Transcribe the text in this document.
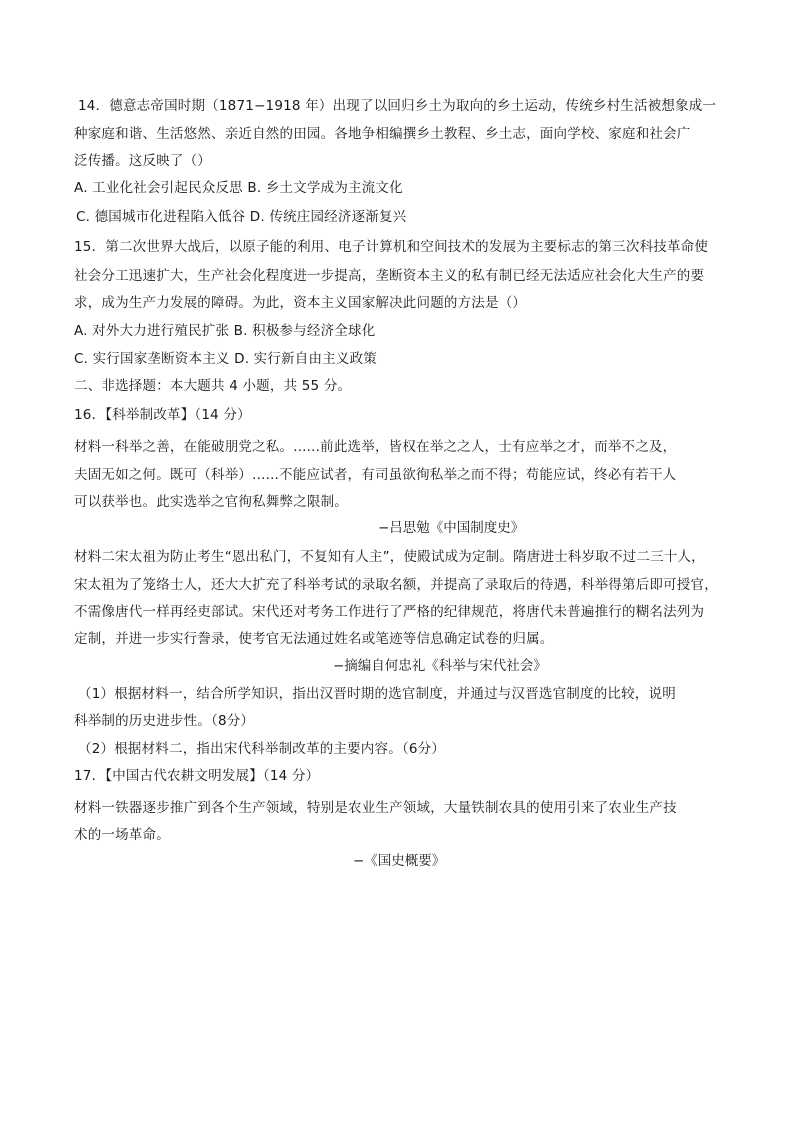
14．德意志帝国时期（1871−1918 年）出现了以回归乡土为取向的乡土运动，传统乡村生活被想象成一
种家庭和谐、生活悠然、亲近自然的田园。各地争相编撰乡土教程、乡土志，面向学校、家庭和社会广
泛传播。这反映了（）
A. 工业化社会引起民众反思 B. 乡土文学成为主流文化
C. 德国城市化进程陷入低谷 D. 传统庄园经济逐渐复兴
15．第二次世界大战后，以原子能的利用、电子计算机和空间技术的发展为主要标志的第三次科技革命使
社会分工迅速扩大，生产社会化程度进一步提高，垄断资本主义的私有制已经无法适应社会化大生产的要
求，成为生产力发展的障碍。为此，资本主义国家解决此问题的方法是（）
A. 对外大力进行殖民扩张 B. 积极参与经济全球化
C. 实行国家垄断资本主义 D. 实行新自由主义政策
二、非选择题：本大题共 4 小题，共 55 分。
16．【科举制改革】（14 分）
材料一科举之善，在能破朋党之私。......前此选举，皆权在举之之人，士有应举之才，而举不之及，
夫固无如之何。既可（科举）......不能应试者，有司虽欲徇私举之而不得；苟能应试，终必有若干人
可以获举也。此实选举之官徇私舞弊之限制。
−吕思勉《中国制度史》
材料二宋太祖为防止考生“恩出私门，不复知有人主”，使殿试成为定制。隋唐进士科岁取不过二三十人，
宋太祖为了笼络士人，还大大扩充了科举考试的录取名额，并提高了录取后的待遇，科举得第后即可授官，
不需像唐代一样再经吏部试。宋代还对考务工作进行了严格的纪律规范，将唐代未普遍推行的糊名法列为
定制，并进一步实行誊录，使考官无法通过姓名或笔迹等信息确定试卷的归属。
−摘编自何忠礼《科举与宋代社会》
（1）根据材料一，结合所学知识，指出汉晋时期的选官制度，并通过与汉晋选官制度的比较，说明
科举制的历史进步性。（8分）
（2）根据材料二，指出宋代科举制改革的主要内容。（6分）
17．【中国古代农耕文明发展】（14 分）
材料一铁器逐步推广到各个生产领域，特别是农业生产领域，大量铁制农具的使用引来了农业生产技
术的一场革命。
−《国史概要》
